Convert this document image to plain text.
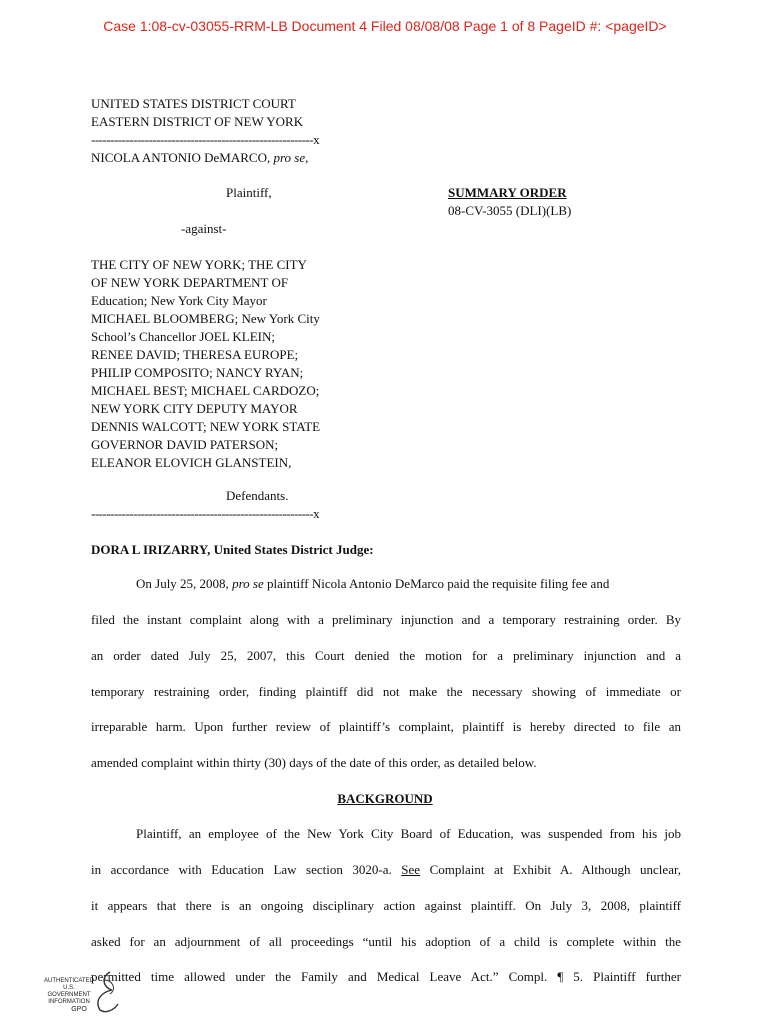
Case 1:08-cv-03055-RRM-LB Document 4 Filed 08/08/08 Page 1 of 8 PageID #: <pageID>
UNITED STATES DISTRICT COURT
EASTERN DISTRICT OF NEW YORK
----------------------------------------------------------x
NICOLA ANTONIO DeMARCO, pro se,
Plaintiff,	SUMMARY ORDER
08-CV-3055 (DLI)(LB)
-against-
THE CITY OF NEW YORK; THE CITY
OF NEW YORK DEPARTMENT OF
Education; New York City Mayor
MICHAEL BLOOMBERG; New York City
School’s Chancellor JOEL KLEIN;
RENEE DAVID; THERESA EUROPE;
PHILIP COMPOSITO; NANCY RYAN;
MICHAEL BEST; MICHAEL CARDOZO;
NEW YORK CITY DEPUTY MAYOR
DENNIS WALCOTT; NEW YORK STATE
GOVERNOR DAVID PATERSON;
ELEANOR ELOVICH GLANSTEIN,
Defendants.
----------------------------------------------------------x
DORA L IRIZARRY, United States District Judge:
On July 25, 2008, pro se plaintiff Nicola Antonio DeMarco paid the requisite filing fee and
filed the instant complaint along with a preliminary injunction and a temporary restraining order. By
an order dated July 25, 2007, this Court denied the motion for a preliminary injunction and a
temporary restraining order, finding plaintiff did not make the necessary showing of immediate or
irreparable harm. Upon further review of plaintiff’s complaint, plaintiff is hereby directed to file an
amended complaint within thirty (30) days of the date of this order, as detailed below.
BACKGROUND
Plaintiff, an employee of the New York City Board of Education, was suspended from his job
in accordance with Education Law section 3020-a. See Complaint at Exhibit A. Although unclear,
it appears that there is an ongoing disciplinary action against plaintiff. On July 3, 2008, plaintiff
asked for an adjournment of all proceedings “until his adoption of a child is complete within the
permitted time allowed under the Family and Medical Leave Act.” Compl. ¶ 5. Plaintiff further
AUTHENTICATED
U.S. GOVERNMENT
INFORMATION
GPO
